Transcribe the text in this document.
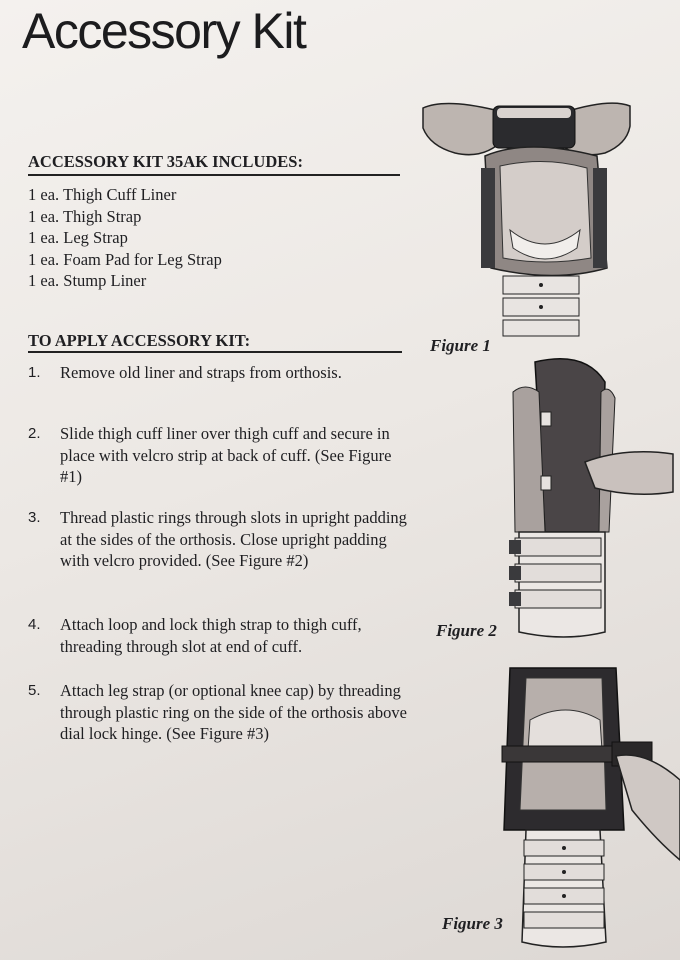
Accessory Kit
ACCESSORY KIT 35AK INCLUDES:
1 ea. Thigh Cuff Liner
1 ea. Thigh Strap
1 ea. Leg Strap
1 ea. Foam Pad for Leg Strap
1 ea. Stump Liner
TO APPLY ACCESSORY KIT:
1. Remove old liner and straps from orthosis.
2. Slide thigh cuff liner over thigh cuff and secure in place with velcro strip at back of cuff. (See Figure #1)
3. Thread plastic rings through slots in upright padding at the sides of the orthosis. Close upright padding with velcro provided. (See Figure #2)
4. Attach loop and lock thigh strap to thigh cuff, threading through slot at end of cuff.
5. Attach leg strap (or optional knee cap) by threading through plastic ring on the side of the orthosis above dial lock hinge. (See Figure #3)

Figure 1

Figure 2

Figure 3
